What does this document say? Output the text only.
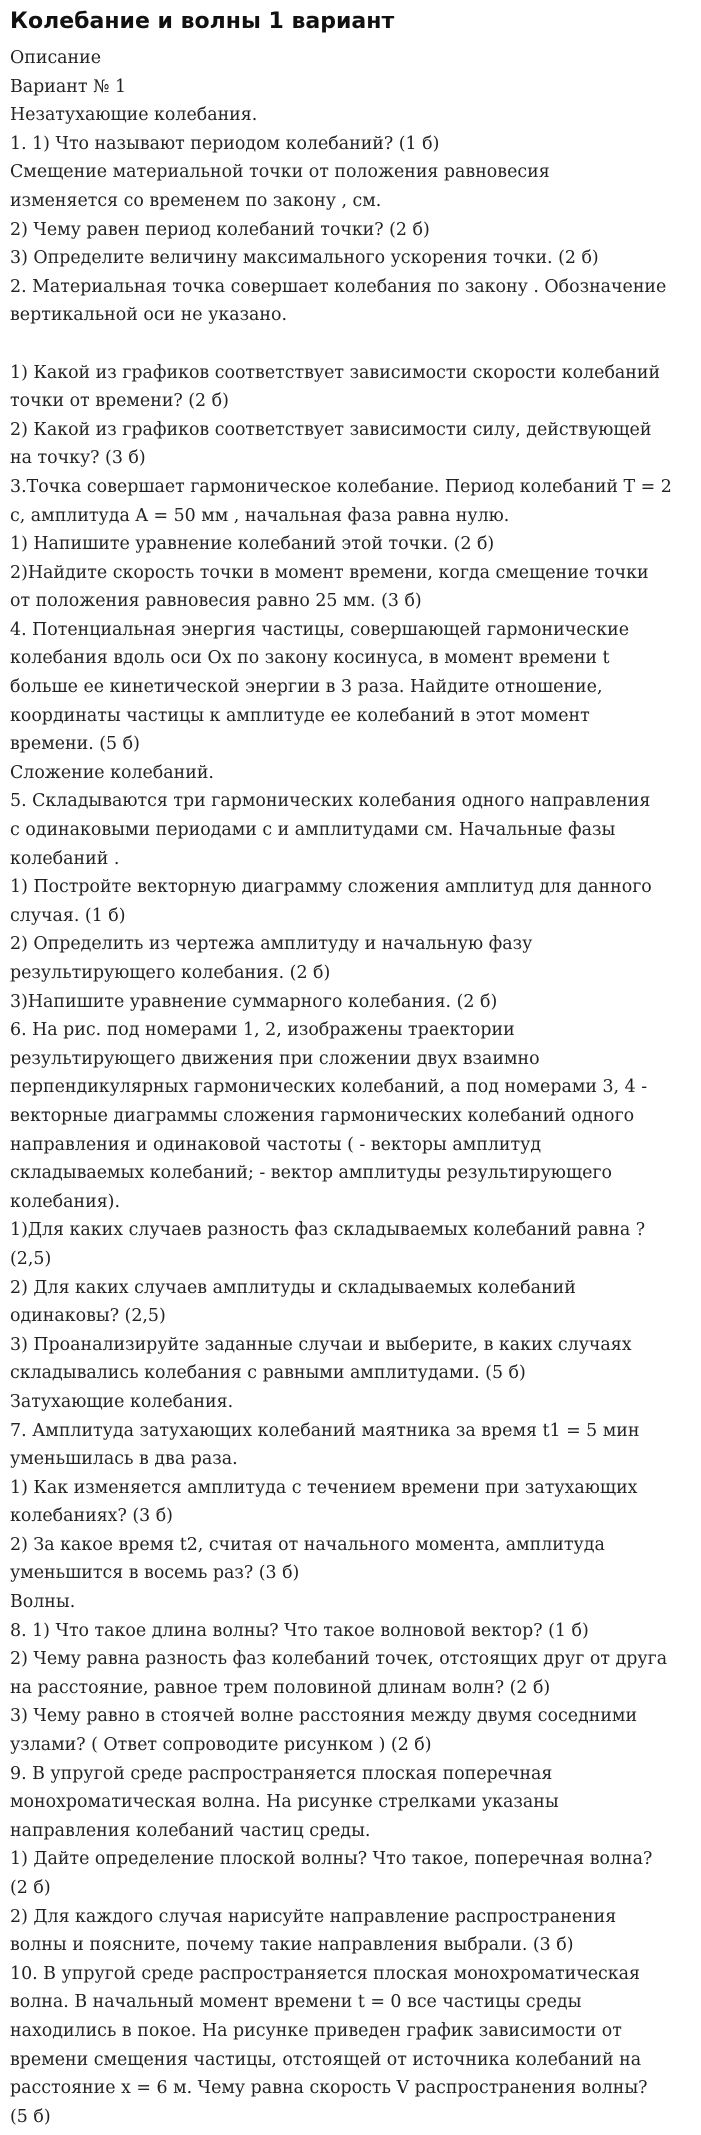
Колебание и волны 1 вариант
Описание
Вариант № 1
Незатухающие колебания.
1. 1) Что называют периодом колебаний? (1 б)
Смещение материальной точки от положения равновесия
изменяется со временем по закону , см.
2) Чему равен период колебаний точки? (2 б)
3) Определите величину максимального ускорения точки. (2 б)
2. Материальная точка совершает колебания по закону . Обозначение
вертикальной оси не указано.
1) Какой из графиков соответствует зависимости скорости колебаний
точки от времени? (2 б)
2) Какой из графиков соответствует зависимости силу, действующей
на точку? (3 б)
3.Точка совершает гармоническое колебание. Период колебаний T = 2
с, амплитуда A = 50 мм , начальная фаза равна нулю.
1) Напишите уравнение колебаний этой точки. (2 б)
2)Найдите скорость точки в момент времени, когда смещение точки
от положения равновесия равно 25 мм. (3 б)
4. Потенциальная энергия частицы, совершающей гармонические
колебания вдоль оси Ox по закону косинуса, в момент времени t
больше ее кинетической энергии в 3 раза. Найдите отношение,
координаты частицы к амплитуде ее колебаний в этот момент
времени. (5 б)
Сложение колебаний.
5. Складываются три гармонических колебания одного направления
с одинаковыми периодами с и амплитудами см. Начальные фазы
колебаний .
1) Постройте векторную диаграмму сложения амплитуд для данного
случая. (1 б)
2) Определить из чертежа амплитуду и начальную фазу
результирующего колебания. (2 б)
3)Напишите уравнение суммарного колебания. (2 б)
6. На рис. под номерами 1, 2, изображены траектории
результирующего движения при сложении двух взаимно
перпендикулярных гармонических колебаний, а под номерами 3, 4 -
векторные диаграммы сложения гармонических колебаний одного
направления и одинаковой частоты ( - векторы амплитуд
складываемых колебаний; - вектор амплитуды результирующего
колебания).
1)Для каких случаев разность фаз складываемых колебаний равна ?
(2,5)
2) Для каких случаев амплитуды и складываемых колебаний
одинаковы? (2,5)
3) Проанализируйте заданные случаи и выберите, в каких случаях
складывались колебания с равными амплитудами. (5 б)
Затухающие колебания.
7. Амплитуда затухающих колебаний маятника за время t1 = 5 мин
уменьшилась в два раза.
1) Как изменяется амплитуда с течением времени при затухающих
колебаниях? (3 б)
2) За какое время t2, считая от начального момента, амплитуда
уменьшится в восемь раз? (3 б)
Волны.
8. 1) Что такое длина волны? Что такое волновой вектор? (1 б)
2) Чему равна разность фаз колебаний точек, отстоящих друг от друга
на расстояние, равное трем половиной длинам волн? (2 б)
3) Чему равно в стоячей волне расстояния между двумя соседними
узлами? ( Ответ сопроводите рисунком ) (2 б)
9. В упругой среде распространяется плоская поперечная
монохроматическая волна. На рисунке стрелками указаны
направления колебаний частиц среды.
1) Дайте определение плоской волны? Что такое, поперечная волна?
(2 б)
2) Для каждого случая нарисуйте направление распространения
волны и поясните, почему такие направления выбрали. (3 б)
10. В упругой среде распространяется плоская монохроматическая
волна. В начальный момент времени t = 0 все частицы среды
находились в покое. На рисунке приведен график зависимости от
времени смещения частицы, отстоящей от источника колебаний на
расстояние x = 6 м. Чему равна скорость V распространения волны?
(5 б)
